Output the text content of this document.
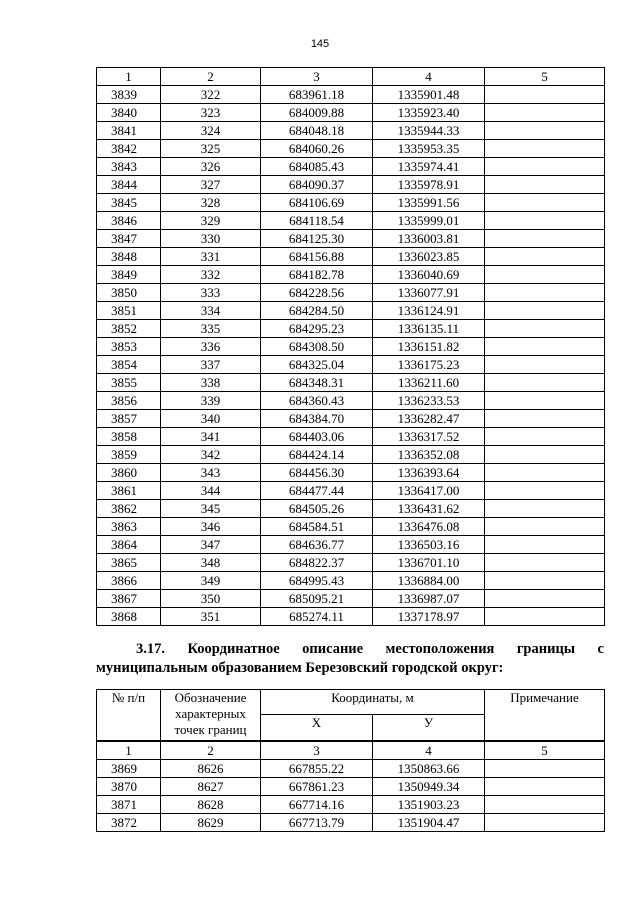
145
1	2	3	4	5
3839	322	683961.18	1335901.48	
3840	323	684009.88	1335923.40	
3841	324	684048.18	1335944.33	
3842	325	684060.26	1335953.35	
3843	326	684085.43	1335974.41	
3844	327	684090.37	1335978.91	
3845	328	684106.69	1335991.56	
3846	329	684118.54	1335999.01	
3847	330	684125.30	1336003.81	
3848	331	684156.88	1336023.85	
3849	332	684182.78	1336040.69	
3850	333	684228.56	1336077.91	
3851	334	684284.50	1336124.91	
3852	335	684295.23	1336135.11	
3853	336	684308.50	1336151.82	
3854	337	684325.04	1336175.23	
3855	338	684348.31	1336211.60	
3856	339	684360.43	1336233.53	
3857	340	684384.70	1336282.47	
3858	341	684403.06	1336317.52	
3859	342	684424.14	1336352.08	
3860	343	684456.30	1336393.64	
3861	344	684477.44	1336417.00	
3862	345	684505.26	1336431.62	
3863	346	684584.51	1336476.08	
3864	347	684636.77	1336503.16	
3865	348	684822.37	1336701.10	
3866	349	684995.43	1336884.00	
3867	350	685095.21	1336987.07	
3868	351	685274.11	1337178.97	
3.17. Координатное описание местоположения границы с
муниципальным образованием Березовский городской округ:
№ п/п	Обозначение характерных точек границ	Координаты, м		Примечание
		X	У	
1	2	3	4	5
3869	8626	667855.22	1350863.66	
3870	8627	667861.23	1350949.34	
3871	8628	667714.16	1351903.23	
3872	8629	667713.79	1351904.47	
